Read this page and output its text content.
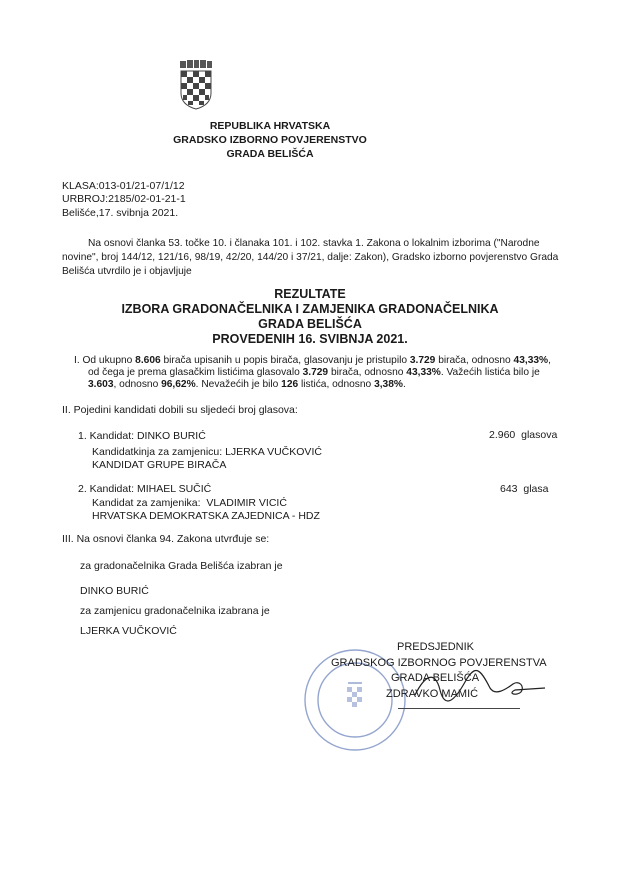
REPUBLIKA HRVATSKA
GRADSKO IZBORNO POVJERENSTVO
GRADA BELIŠĆA
KLASA:013-01/21-07/1/12
URBROJ:2185/02-01-21-1
Belišće,17. svibnja 2021.
Na osnovi članka 53. točke 10. i članaka 101. i 102. stavka 1. Zakona o lokalnim izborima ("Narodne
novine", broj 144/12, 121/16, 98/19, 42/20, 144/20 i 37/21, dalje: Zakon), Gradsko izborno povjerenstvo Grada
Belišća utvrdilo je i objavljuje
REZULTATE
IZBORA GRADONAČELNIKA I ZAMJENIKA GRADONAČELNIKA
GRADA BELIŠĆA
PROVEDENIH 16. SVIBNJA 2021.
I. Od ukupno 8.606 birača upisanih u popis birača, glasovanju je pristupilo 3.729 birača, odnosno 43,33%,
od čega je prema glasačkim listićima glasovalo 3.729 birača, odnosno 43,33%. Važećih listića bilo je
3.603, odnosno 96,62%. Nevažećih je bilo 126 listića, odnosno 3,38%.
II. Pojedini kandidati dobili su sljedeći broj glasova:
1. Kandidat: DINKO BURIĆ	2.960  glasova
Kandidatkinja za zamjenicu: LJERKA VUČKOVIĆ
KANDIDAT GRUPE BIRAČA
2. Kandidat: MIHAEL SUČIĆ	643  glasa
Kandidat za zamjenika:  VLADIMIR VICIĆ
HRVATSKA DEMOKRATSKA ZAJEDNICA - HDZ
III. Na osnovi članka 94. Zakona utvrđuje se:
za gradonačelnika Grada Belišća izabran je
DINKO BURIĆ
za zamjenicu gradonačelnika izabrana je
LJERKA VUČKOVIĆ
PREDSJEDNIK
GRADSKOG IZBORNOG POVJERENSTVA
GRADA BELIŠĆA
ZDRAVKO MAMIĆ
